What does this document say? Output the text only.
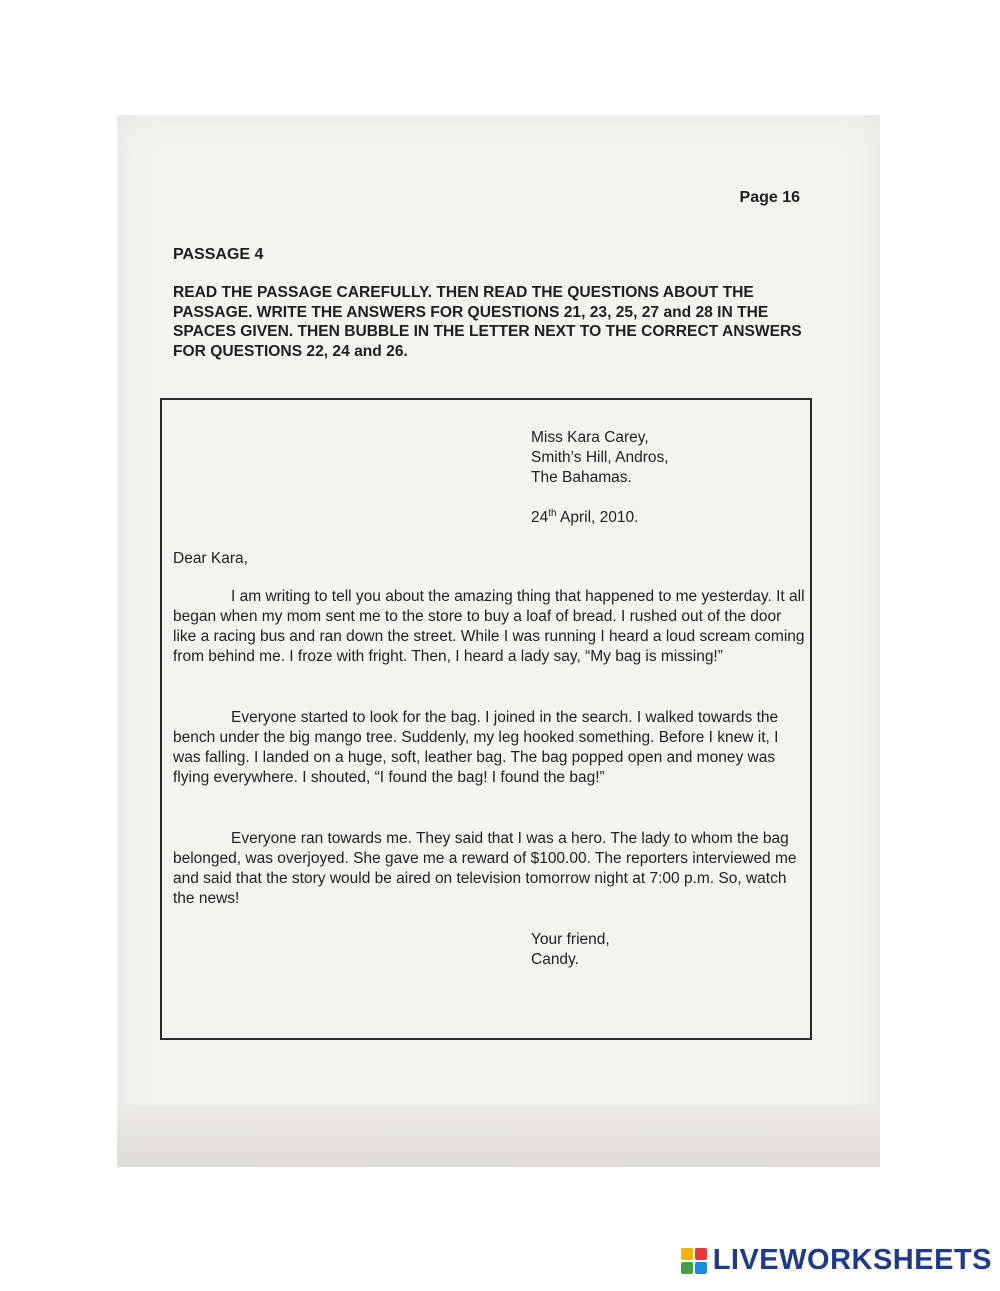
Page 16
PASSAGE 4
READ THE PASSAGE CAREFULLY. THEN READ THE QUESTIONS ABOUT THE PASSAGE. WRITE THE ANSWERS FOR QUESTIONS 21, 23, 25, 27 and 28 IN THE SPACES GIVEN. THEN BUBBLE IN THE LETTER NEXT TO THE CORRECT ANSWERS FOR QUESTIONS 22, 24 and 26.
Miss Kara Carey,
Smith’s Hill, Andros,
The Bahamas.
24th April, 2010.
Dear Kara,
I am writing to tell you about the amazing thing that happened to me yesterday. It all began when my mom sent me to the store to buy a loaf of bread. I rushed out of the door like a racing bus and ran down the street. While I was running I heard a loud scream coming from behind me. I froze with fright. Then, I heard a lady say, “My bag is missing!”
Everyone started to look for the bag. I joined in the search. I walked towards the bench under the big mango tree. Suddenly, my leg hooked something. Before I knew it, I was falling. I landed on a huge, soft, leather bag. The bag popped open and money was flying everywhere. I shouted, “I found the bag! I found the bag!”
Everyone ran towards me. They said that I was a hero. The lady to whom the bag belonged, was overjoyed. She gave me a reward of $100.00. The reporters interviewed me and said that the story would be aired on television tomorrow night at 7:00 p.m. So, watch the news!
Your friend,
Candy.
LIVEWORKSHEETS
